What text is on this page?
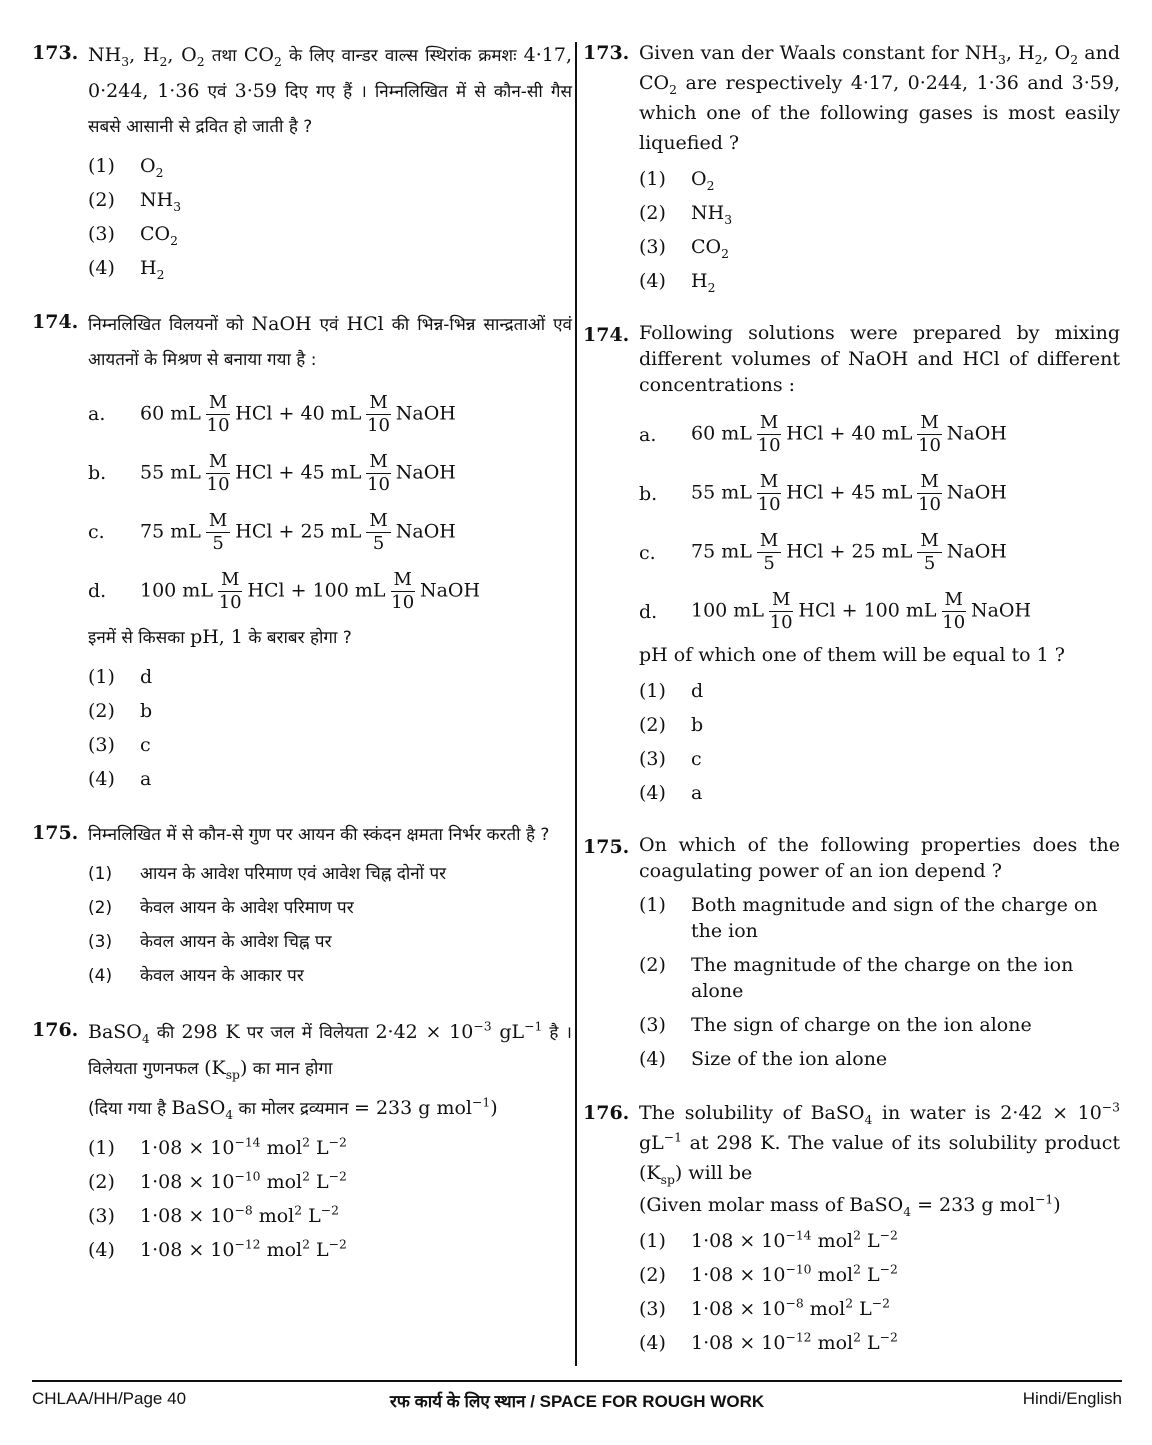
173. $NH_3$, $H_2$, $O_2$ तथा $CO_2$ के लिए वान्डर वाल्स स्थिरांक क्रमशः 4·17, 0·244, 1·36 एवं 3·59 दिए गए हैं । निम्नलिखित में से कौन-सी गैस सबसे आसानी से द्रवित हो जाती है ?
(1)	$O_2$
(2)	$NH_3$
(3)	$CO_2$
(4)	$H_2$
174. निम्नलिखित विलयनों को NaOH एवं HCl की भिन्न-भिन्न सान्द्रताओं एवं आयतनों के मिश्रण से बनाया गया है :
a.	60 mL $\frac{M}{10}$ HCl + 40 mL $\frac{M}{10}$ NaOH
b.	55 mL $\frac{M}{10}$ HCl + 45 mL $\frac{M}{10}$ NaOH
c.	75 mL $\frac{M}{5}$ HCl + 25 mL $\frac{M}{5}$ NaOH
d.	100 mL $\frac{M}{10}$ HCl + 100 mL $\frac{M}{10}$ NaOH
इनमें से किसका pH, 1 के बराबर होगा ?
(1)	d
(2)	b
(3)	c
(4)	a
175. निम्नलिखित में से कौन-से गुण पर आयन की स्कंदन क्षमता निर्भर करती है ?
(1)	आयन के आवेश परिमाण एवं आवेश चिह्न दोनों पर
(2)	केवल आयन के आवेश परिमाण पर
(3)	केवल आयन के आवेश चिह्न पर
(4)	केवल आयन के आकार पर
176. BaSO$_4$ की 298 K पर जल में विलेयता $2\cdot 42 \times 10^{-3}$ $gL^{-1}$ है । विलेयता गुणनफल $(K_{sp})$ का मान होगा
(दिया गया है BaSO$_4$ का मोलर द्रव्यमान = 233 g mol$^{-1}$)
(1)	$1\cdot 08 \times 10^{-14}$ mol$^2$ $L^{-2}$
(2)	$1\cdot 08 \times 10^{-10}$ mol$^2$ $L^{-2}$
(3)	$1\cdot 08 \times 10^{-8}$ mol$^2$ $L^{-2}$
(4)	$1\cdot 08 \times 10^{-12}$ mol$^2$ $L^{-2}$
173. Given van der Waals constant for $NH_3$, $H_2$, $O_2$ and $CO_2$ are respectively 4·17, 0·244, 1·36 and 3·59, which one of the following gases is most easily liquefied ?
(1)	$O_2$
(2)	$NH_3$
(3)	$CO_2$
(4)	$H_2$
174. Following solutions were prepared by mixing different volumes of NaOH and HCl of different concentrations :
a.	60 mL $\frac{M}{10}$ HCl + 40 mL $\frac{M}{10}$ NaOH
b.	55 mL $\frac{M}{10}$ HCl + 45 mL $\frac{M}{10}$ NaOH
c.	75 mL $\frac{M}{5}$ HCl + 25 mL $\frac{M}{5}$ NaOH
d.	100 mL $\frac{M}{10}$ HCl + 100 mL $\frac{M}{10}$ NaOH
pH of which one of them will be equal to 1 ?
(1)	d
(2)	b
(3)	c
(4)	a
175. On which of the following properties does the coagulating power of an ion depend ?
(1)	Both magnitude and sign of the charge on the ion
(2)	The magnitude of the charge on the ion alone
(3)	The sign of charge on the ion alone
(4)	Size of the ion alone
176. The solubility of BaSO$_4$ in water is $2\cdot 42 \times 10^{-3}$ $gL^{-1}$ at 298 K. The value of its solubility product $(K_{sp})$ will be
(Given molar mass of BaSO$_4$ = 233 g mol$^{-1}$)
(1)	$1\cdot 08 \times 10^{-14}$ mol$^2$ $L^{-2}$
(2)	$1\cdot 08 \times 10^{-10}$ mol$^2$ $L^{-2}$
(3)	$1\cdot 08 \times 10^{-8}$ mol$^2$ $L^{-2}$
(4)	$1\cdot 08 \times 10^{-12}$ mol$^2$ $L^{-2}$
CHLAA/HH/Page 40	रफ कार्य के लिए स्थान / SPACE FOR ROUGH WORK	Hindi/English
